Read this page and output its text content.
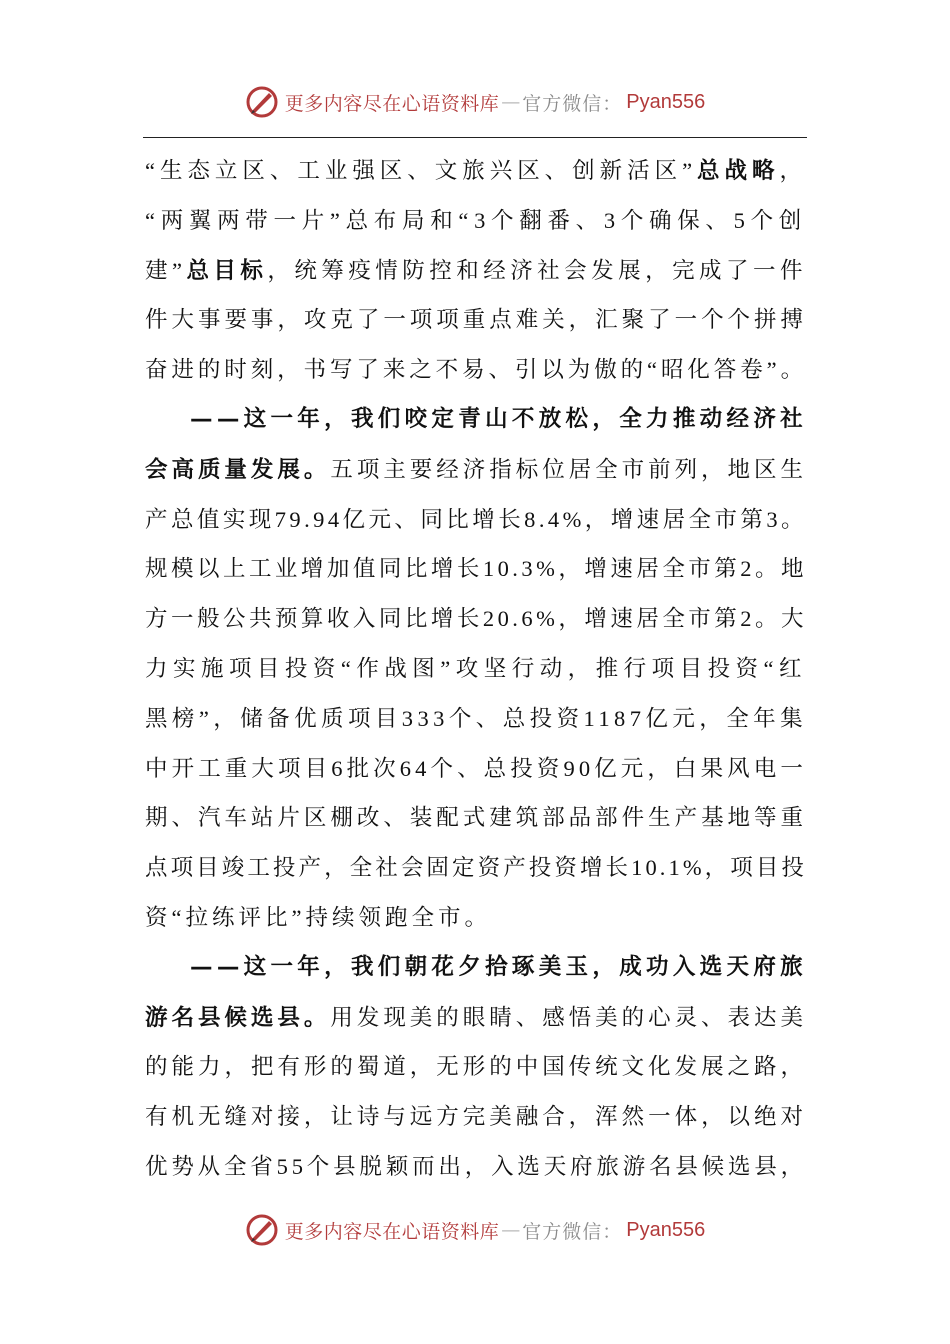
更多内容尽在心语资料库 — 官方微信： Pyan556
“生态立区、工业强区、文旅兴区、创新活区”总战略，
“两翼两带一片”总布局和“3个翻番、3个确保、5个创
建”总目标，统筹疫情防控和经济社会发展，完成了一件
件大事要事，攻克了一项项重点难关，汇聚了一个个拼搏
奋进的时刻，书写了来之不易、引以为傲的“昭化答卷”。
——这一年，我们咬定青山不放松，全力推动经济社
会高质量发展。五项主要经济指标位居全市前列，地区生
产总值实现79.94亿元、同比增长8.4%，增速居全市第3。
规模以上工业增加值同比增长10.3%，增速居全市第2。地
方一般公共预算收入同比增长20.6%，增速居全市第2。大
力实施项目投资“作战图”攻坚行动，推行项目投资“红
黑榜”，储备优质项目333个、总投资1187亿元，全年集
中开工重大项目6批次64个、总投资90亿元，白果风电一
期、汽车站片区棚改、装配式建筑部品部件生产基地等重
点项目竣工投产，全社会固定资产投资增长10.1%，项目投
资“拉练评比”持续领跑全市。
——这一年，我们朝花夕拾琢美玉，成功入选天府旅
游名县候选县。用发现美的眼睛、感悟美的心灵、表达美
的能力，把有形的蜀道，无形的中国传统文化发展之路，
有机无缝对接，让诗与远方完美融合，浑然一体，以绝对
优势从全省55个县脱颖而出，入选天府旅游名县候选县，
更多内容尽在心语资料库 — 官方微信： Pyan556
